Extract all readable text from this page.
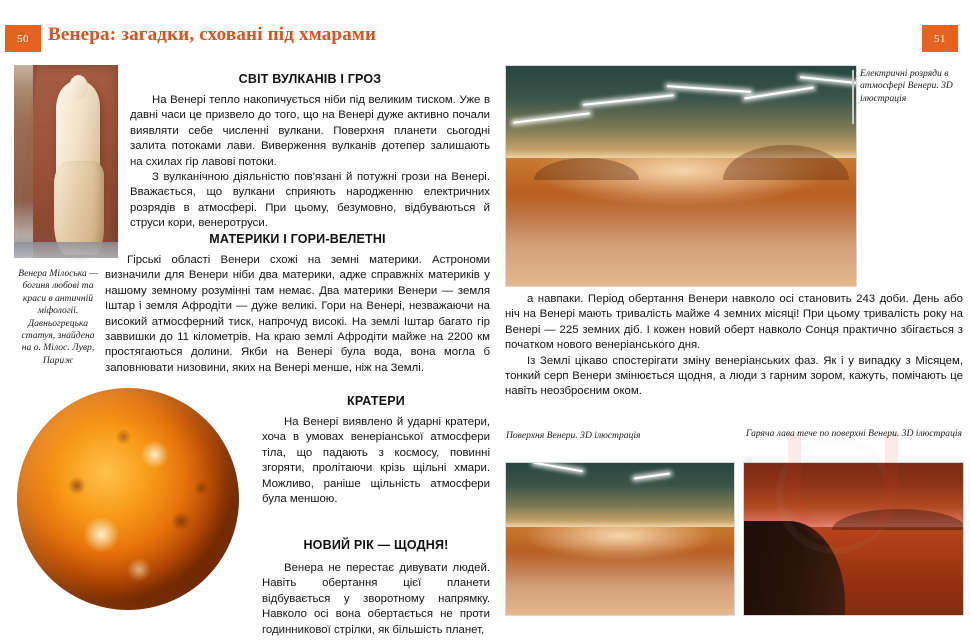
50	Венера: загадки, сховані під хмарами	51
Венера Мілоська — богиня любові та краси в античній міфології. Давньогрецька статуя, знайдена на о. Мілос. Лувр, Париж
СВІТ ВУЛКАНІВ І ГРОЗ

На Венері тепло накопичується ніби під великим тиском. Уже в давні часи це призвело до того, що на Венері дуже активно почали виявляти себе численні вулкани. Поверхня планети сьогодні залита потоками лави. Виверження вулканів дотепер залишають на схилах гір лавові потоки.

З вулканічною діяльністю пов'язані й потужні грози на Венері. Вважається, що вулкани сприяють народженню електричних розрядів в атмосфері. При цьому, безумовно, відбуваються й струси кори, венеротруси.

МАТЕРИКИ І ГОРИ-ВЕЛЕТНІ

Гірські області Венери схожі на земні материки. Астрономи визначили для Венери ніби два материки, адже справжніх материків у нашому земному розумінні там немає. Два материки Венери — земля Іштар і земля Афродіти — дуже великі. Гори на Венері, незважаючи на високий атмосферний тиск, напрочуд високі. На землі Іштар багато гір заввишки до 11 кілометрів. На краю землі Афродіти майже на 2200 км простягаються долини. Якби на Венері була вода, вона могла б заповнювати низовини, яких на Венері менше, ніж на Землі.

КРАТЕРИ

На Венері виявлено й ударні кратери, хоча в умовах венеріанської атмосфери тіла, що падають з космосу, повинні згоряти, пролітаючи крізь щільні хмари. Можливо, раніше щільність атмосфери була меншою.

НОВИЙ РІК — ЩОДНЯ!

Венера не перестає дивувати людей. Навіть обертання цієї планети відбувається у зворотному напрямку. Навколо осі вона обертається не проти годинникової стрілки, як більшість планет,

Електричні розряди в атмосфері Венери. 3D ілюстрація

а навпаки. Період обертання Венери навколо осі становить 243 доби. День або ніч на Венері мають тривалість майже 4 земних місяці! При цьому тривалість року на Венері — 225 земних діб. І кожен новий оберт навколо Сонця практично збігається з початком нового венеріанського дня.

Із Землі цікаво спостерігати зміну венеріанських фаз. Як і у випадку з Місяцем, тонкий серп Венери змінюється щодня, а люди з гарним зором, кажуть, помічають це навіть неозброєним оком.

Поверхня Венери. 3D ілюстрація	Гаряча лава тече по поверхні Венери. 3D ілюстрація
